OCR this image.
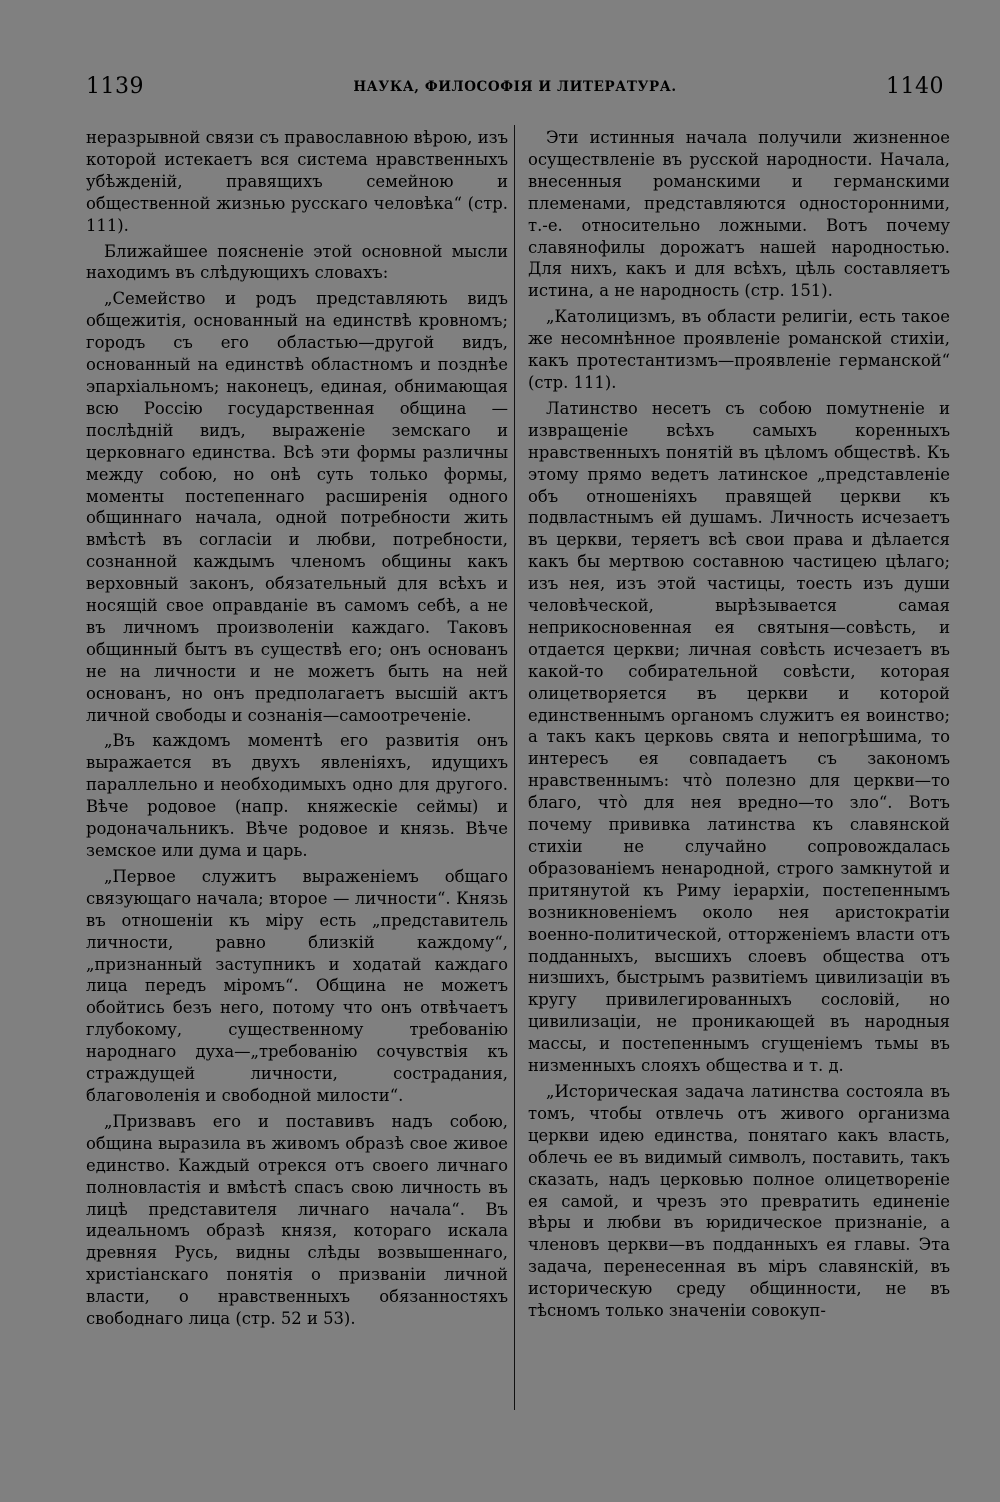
1139	НАУКА, ФИЛОСОФІЯ И ЛИТЕРАТУРА.	1140

неразрывной связи съ православною вѣрою, изъ которой истекаетъ вся система нравственныхъ убѣжденій, правящихъ семейною и общественной жизнью русскаго человѣка“ (стр. 111).

Ближайшее поясненіе этой основной мысли находимъ въ слѣдующихъ словахъ:

„Семейство и родъ представляють видъ общежитія, основанный на единствѣ кровномъ; городъ съ его областью—другой видъ, основанный на единствѣ областномъ и позднѣе эпархіальномъ; наконецъ, единая, обнимающая всю Россію государственная община —послѣдній видъ, выраженіе земскаго и церковнаго единства. Всѣ эти формы различны между собою, но онѣ суть только формы, моменты постепеннаго расширенія одного общиннаго начала, одной потребности жить вмѣстѣ въ согласіи и любви, потребности, сознанной каждымъ членомъ общины какъ верховный законъ, обязательный для всѣхъ и носящій свое оправданіе въ самомъ себѣ, а не въ личномъ произволеніи каждаго. Таковъ общинный бытъ въ существѣ его; онъ основанъ не на личности и не можетъ быть на ней основанъ, но онъ предполагаетъ высшій актъ личной свободы и сознанія—самоотреченіе.

„Въ каждомъ моментѣ его развитія онъ выражается въ двухъ явленіяхъ, идущихъ параллельно и необходимыхъ одно для другого. Вѣче родовое (напр. княжескіе сеймы) и родоначальникъ. Вѣче родовое и князь. Вѣче земское или дума и царь.

„Первое служитъ выраженіемъ общаго связующаго начала; второе — личности“. Князь въ отношеніи къ міру есть „представитель личности, равно близкій каждому“, „признанный заступникъ и ходатай каждаго лица передъ міромъ“. Община не можетъ обойтись безъ него, потому что онъ отвѣчаетъ глубокому, существенному требованію народнаго духа—„требованію сочувствія къ страждущей личности, сострадания, благоволенія и свободной милости“.

„Призвавъ его и поставивъ надъ собою, община выразила въ живомъ образѣ свое живое единство. Каждый отрекся отъ своего личнаго полновластія и вмѣстѣ спасъ свою личность въ лицѣ представителя личнаго начала“. Въ идеальномъ образѣ князя, котораго искала древняя Русь, видны слѣды возвышеннаго, христіанскаго понятія о призваніи личной власти, о нравственныхъ обязанностяхъ свободнаго лица (стр. 52 и 53).

Эти истинныя начала получили жизненное осуществленіе въ русской народности. Начала, внесенныя романскими и германскими племенами, представляются односторонними, т.-е. относительно ложными. Вотъ почему славянофилы дорожатъ нашей народностью. Для нихъ, какъ и для всѣхъ, цѣль составляетъ истина, а не народность (стр. 151).

„Католицизмъ, въ области религіи, есть такое же несомнѣнное проявленіе романской стихіи, какъ протестантизмъ—проявленіе германской“ (стр. 111).

Латинство несетъ съ собою помутненіе и извращеніе всѣхъ самыхъ коренныхъ нравственныхъ понятій въ цѣломъ обществѣ. Къ этому прямо ведетъ латинское „представленіе объ отношеніяхъ правящей церкви къ подвластнымъ ей душамъ. Личность исчезаетъ въ церкви, теряетъ всѣ свои права и дѣлается какъ бы мертвою составною частицею цѣлаго; изъ нея, изъ этой частицы, тоесть изъ души человѣческой, вырѣзывается самая неприкосновенная ея святыня—совѣсть, и отдается церкви; личная совѣсть исчезаетъ въ какой-то собирательной совѣсти, которая олицетворяется въ церкви и которой единственнымъ органомъ служитъ ея воинство; а такъ какъ церковь свята и непогрѣшима, то интересъ ея совпадаетъ съ закономъ нравственнымъ: что̀ полезно для церкви—то благо, что̀ для нея вредно—то зло“. Вотъ почему прививка латинства къ славянской стихіи не случайно сопровождалась образованіемъ ненародной, строго замкнутой и притянутой къ Риму іерархіи, постепеннымъ возникновеніемъ около нея аристократіи военно-политической, отторженіемъ власти отъ подданныхъ, высшихъ слоевъ общества отъ низшихъ, быстрымъ развитіемъ цивилизаціи въ кругу привилегированныхъ сословій, но цивилизаціи, не проникающей въ народныя массы, и постепеннымъ сгущеніемъ тьмы въ низменныхъ слояхъ общества и т. д.

„Историческая задача латинства состояла въ томъ, чтобы отвлечь отъ живого организма церкви идею единства, понятаго какъ власть, облечь ее въ видимый символъ, поставить, такъ сказать, надъ церковью полное олицетвореніе ея самой, и чрезъ это превратить единеніе вѣры и любви въ юридическое признаніе, а членовъ церкви—въ подданныхъ ея главы. Эта задача, перенесенная въ міръ славянскій, въ историческую среду общинности, не въ тѣсномъ только значеніи совокуп-
